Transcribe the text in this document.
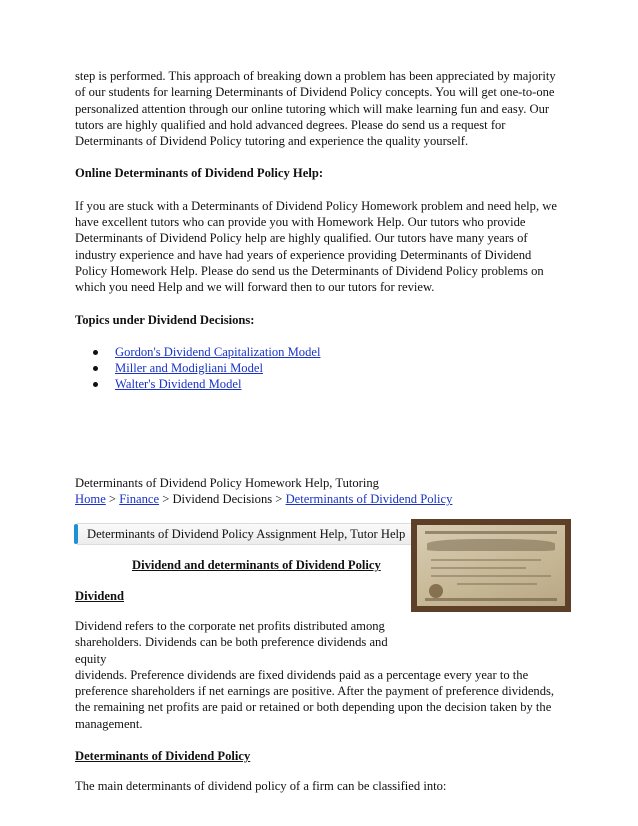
step is performed. This approach of breaking down a problem has been appreciated by majority of our students for learning Determinants of Dividend Policy concepts. You will get one-to-one personalized attention through our online tutoring which will make learning fun and easy. Our tutors are highly qualified and hold advanced degrees. Please do send us a request for Determinants of Dividend Policy tutoring and experience the quality yourself.

Online Determinants of Dividend Policy Help:

If you are stuck with a Determinants of Dividend Policy Homework problem and need help, we have excellent tutors who can provide you with Homework Help. Our tutors who provide Determinants of Dividend Policy help are highly qualified. Our tutors have many years of industry experience and have had years of experience providing Determinants of Dividend Policy Homework Help. Please do send us the Determinants of Dividend Policy problems on which you need Help and we will forward then to our tutors for review.

Topics under Dividend Decisions:

Gordon's Dividend Capitalization Model
Miller and Modigliani Model
Walter's Dividend Model

Determinants of Dividend Policy Homework Help, Tutoring

Home > Finance > Dividend Decisions > Determinants of Dividend Policy

Determinants of Dividend Policy Assignment Help, Tutor Help

Dividend and determinants of Dividend Policy

Dividend

Dividend refers to the corporate net profits distributed among

shareholders. Dividends can be both preference dividends and equity

dividends. Preference dividends are fixed dividends paid as a percentage every year to the preference shareholders if net earnings are positive. After the payment of preference dividends, the remaining net profits are paid or retained or both depending upon the decision taken by the management.

Determinants of Dividend Policy

The main determinants of dividend policy of a firm can be classified into:
